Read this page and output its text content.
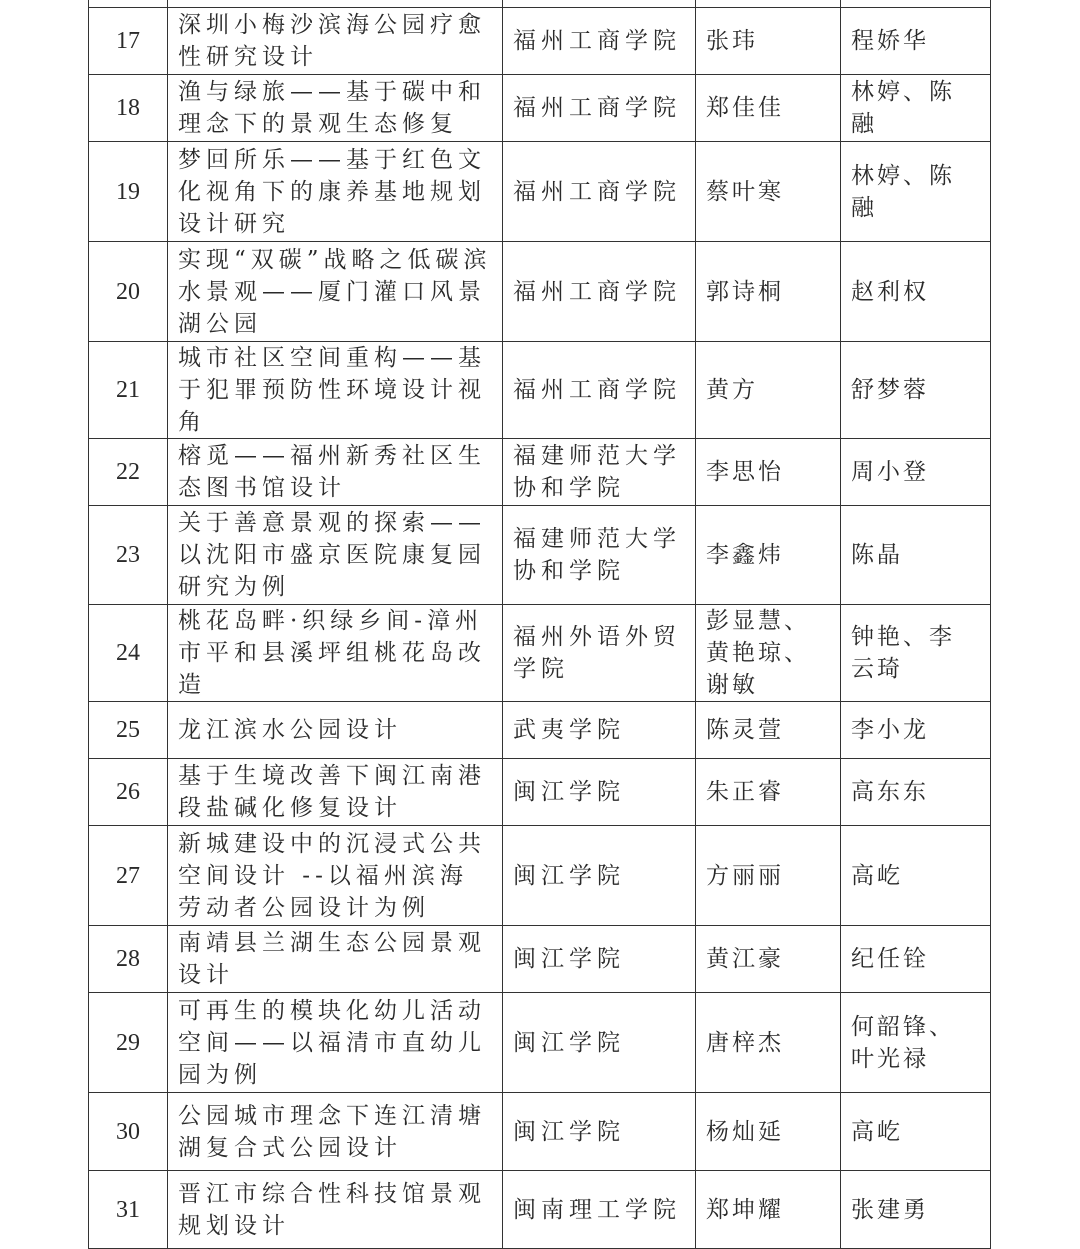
17	深圳小梅沙滨海公园疗愈性研究设计	福州工商学院	张玮	程娇华
18	渔与绿旅——基于碳中和理念下的景观生态修复	福州工商学院	郑佳佳	林婷、陈融
19	梦回所乐——基于红色文化视角下的康养基地规划设计研究	福州工商学院	蔡叶寒	林婷、陈融
20	实现“双碳”战略之低碳滨水景观——厦门灌口风景湖公园	福州工商学院	郭诗桐	赵利权
21	城市社区空间重构——基于犯罪预防性环境设计视角	福州工商学院	黄方	舒梦蓉
22	榕觅——福州新秀社区生态图书馆设计	福建师范大学协和学院	李思怡	周小登
23	关于善意景观的探索——以沈阳市盛京医院康复园研究为例	福建师范大学协和学院	李鑫炜	陈晶
24	桃花岛畔·织绿乡间-漳州市平和县溪坪组桃花岛改造	福州外语外贸学院	彭显慧、黄艳琼、谢敏	钟艳、李云琦
25	龙江滨水公园设计	武夷学院	陈灵萱	李小龙
26	基于生境改善下闽江南港段盐碱化修复设计	闽江学院	朱正睿	高东东
27	新城建设中的沉浸式公共空间设计 --以福州滨海劳动者公园设计为例	闽江学院	方丽丽	高屹
28	南靖县兰湖生态公园景观设计	闽江学院	黄江豪	纪任铨
29	可再生的模块化幼儿活动空间——以福清市直幼儿园为例	闽江学院	唐梓杰	何韶锋、叶光禄
30	公园城市理念下连江清塘湖复合式公园设计	闽江学院	杨灿延	高屹
31	晋江市综合性科技馆景观规划设计	闽南理工学院	郑坤耀	张建勇
